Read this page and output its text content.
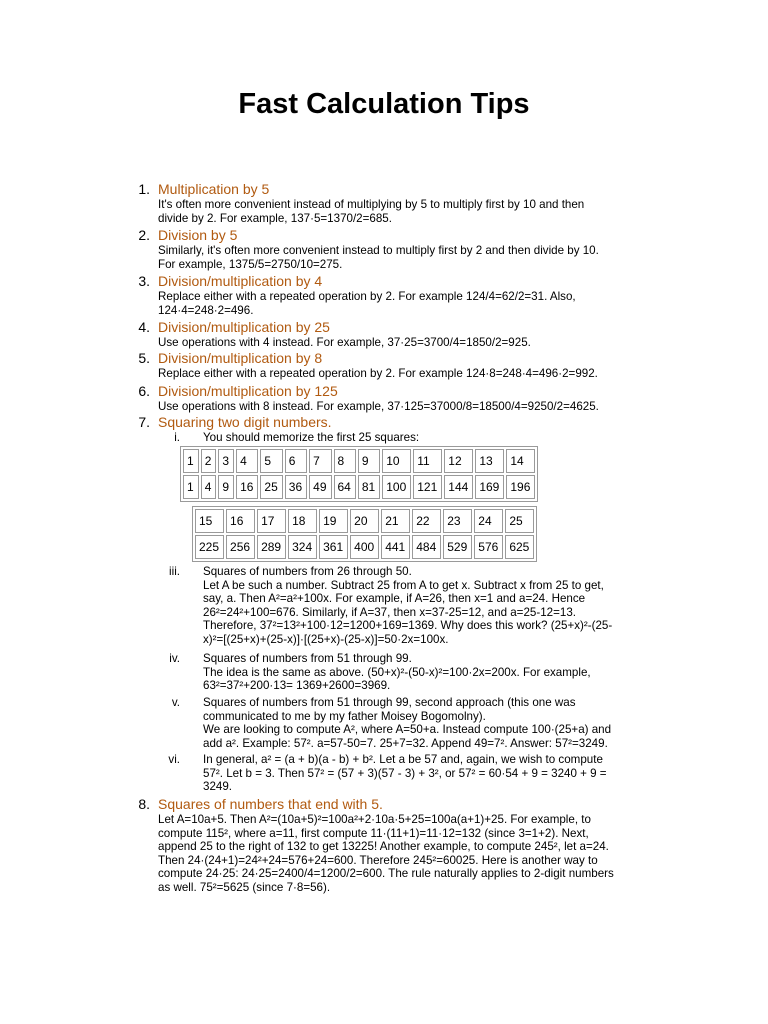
Fast Calculation Tips
1. Multiplication by 5
It's often more convenient instead of multiplying by 5 to multiply first by 10 and then
divide by 2. For example, 137·5=1370/2=685.
2. Division by 5
Similarly, it's often more convenient instead to multiply first by 2 and then divide by 10.
For example, 1375/5=2750/10=275.
3. Division/multiplication by 4
Replace either with a repeated operation by 2. For example 124/4=62/2=31. Also,
124·4=248·2=496.
4. Division/multiplication by 25
Use operations with 4 instead. For example, 37·25=3700/4=1850/2=925.
5. Division/multiplication by 8
Replace either with a repeated operation by 2. For example 124·8=248·4=496·2=992.
6. Division/multiplication by 125
Use operations with 8 instead. For example, 37·125=37000/8=18500/4=9250/2=4625.
7. Squaring two digit numbers.
i. You should memorize the first 25 squares:
1	2	3	4	5	6	7	8	9	10	11	12	13	14
1	4	9	16	25	36	49	64	81	100	121	144	169	196
15	16	17	18	19	20	21	22	23	24	25
225	256	289	324	361	400	441	484	529	576	625
iii. Squares of numbers from 26 through 50.
Let A be such a number. Subtract 25 from A to get x. Subtract x from 25 to get,
say, a. Then A²=a²+100x. For example, if A=26, then x=1 and a=24. Hence
26²=24²+100=676. Similarly, if A=37, then x=37-25=12, and a=25-12=13.
Therefore, 37²=13²+100·12=1200+169=1369. Why does this work? (25+x)²-(25-
x)²=[(25+x)+(25-x)]·[(25+x)-(25-x)]=50·2x=100x.
iv. Squares of numbers from 51 through 99.
The idea is the same as above. (50+x)²-(50-x)²=100·2x=200x. For example,
63²=37²+200·13= 1369+2600=3969.
v. Squares of numbers from 51 through 99, second approach (this one was
communicated to me by my father Moisey Bogomolny).
We are looking to compute A², where A=50+a. Instead compute 100·(25+a) and
add a². Example: 57². a=57-50=7. 25+7=32. Append 49=7². Answer: 57²=3249.
vi. In general, a² = (a + b)(a - b) + b². Let a be 57 and, again, we wish to compute
57². Let b = 3. Then 57² = (57 + 3)(57 - 3) + 3², or 57² = 60·54 + 9 = 3240 + 9 =
3249.
8. Squares of numbers that end with 5.
Let A=10a+5. Then A²=(10a+5)²=100a²+2·10a·5+25=100a(a+1)+25. For example, to
compute 115², where a=11, first compute 11·(11+1)=11·12=132 (since 3=1+2). Next,
append 25 to the right of 132 to get 13225! Another example, to compute 245², let a=24.
Then 24·(24+1)=24²+24=576+24=600. Therefore 245²=60025. Here is another way to
compute 24·25: 24·25=2400/4=1200/2=600. The rule naturally applies to 2-digit numbers
as well. 75²=5625 (since 7·8=56).
